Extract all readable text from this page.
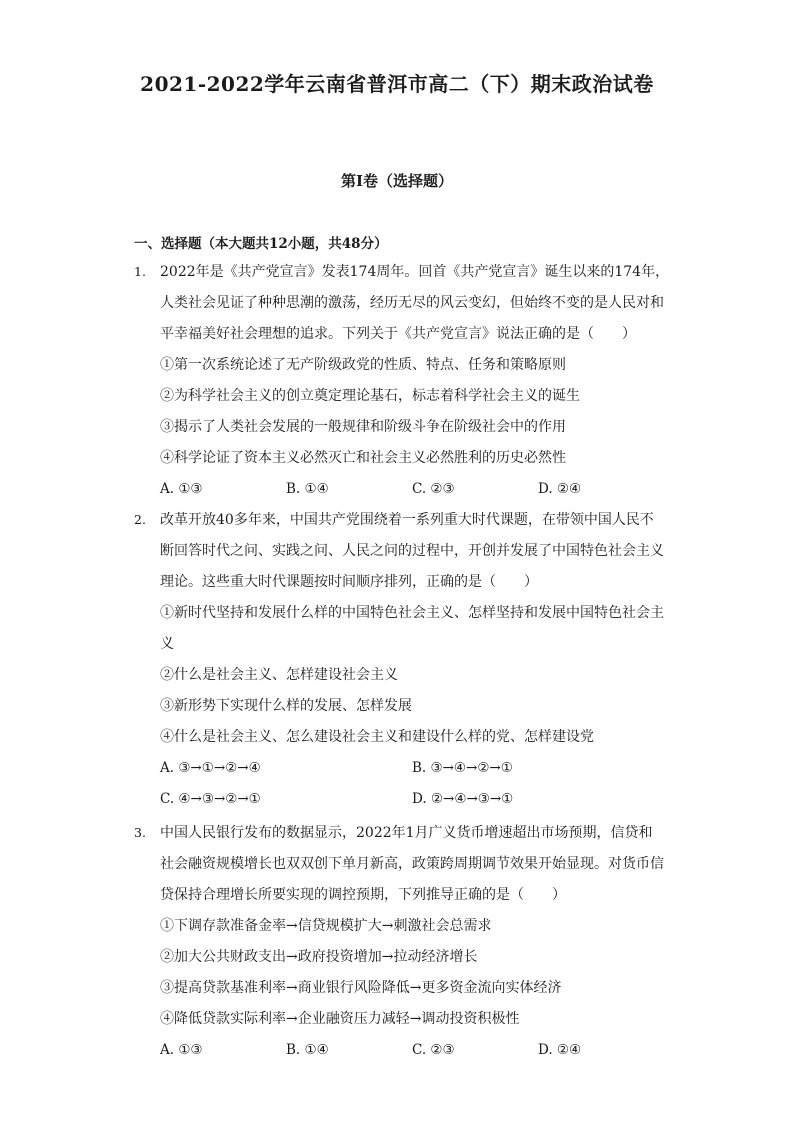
2021-2022学年云南省普洱市高二（下）期末政治试卷
第I卷（选择题）
一、选择题（本大题共12小题，共48分）
1.	2022年是《共产党宣言》发表174周年。回首《共产党宣言》诞生以来的174年，
人类社会见证了种种思潮的激荡，经历无尽的风云变幻，但始终不变的是人民对和
平幸福美好社会理想的追求。下列关于《共产党宣言》说法正确的是（　　）
①第一次系统论述了无产阶级政党的性质、特点、任务和策略原则
②为科学社会主义的创立奠定理论基石，标志着科学社会主义的诞生
③揭示了人类社会发展的一般规律和阶级斗争在阶级社会中的作用
④科学论证了资本主义必然灭亡和社会主义必然胜利的历史必然性
A. ①③	B. ①④	C. ②③	D. ②④
2.	改革开放40多年来，中国共产党围绕着一系列重大时代课题，在带领中国人民不
断回答时代之问、实践之问、人民之问的过程中，开创并发展了中国特色社会主义
理论。这些重大时代课题按时间顺序排列，正确的是（　　）
①新时代坚持和发展什么样的中国特色社会主义、怎样坚持和发展中国特色社会主
义
②什么是社会主义、怎样建设社会主义
③新形势下实现什么样的发展、怎样发展
④什么是社会主义、怎么建设社会主义和建设什么样的党、怎样建设党
A. ③→①→②→④	B. ③→④→②→①
C. ④→③→②→①	D. ②→④→③→①
3.	中国人民银行发布的数据显示，2022年1月广义货币增速超出市场预期，信贷和
社会融资规模增长也双双创下单月新高，政策跨周期调节效果开始显现。对货币信
贷保持合理增长所要实现的调控预期，下列推导正确的是（　　）
①下调存款准备金率→信贷规模扩大→刺激社会总需求
②加大公共财政支出→政府投资增加→拉动经济增长
③提高贷款基准利率→商业银行风险降低→更多资金流向实体经济
④降低贷款实际利率→企业融资压力减轻→调动投资积极性
A. ①③	B. ①④	C. ②③	D. ②④
